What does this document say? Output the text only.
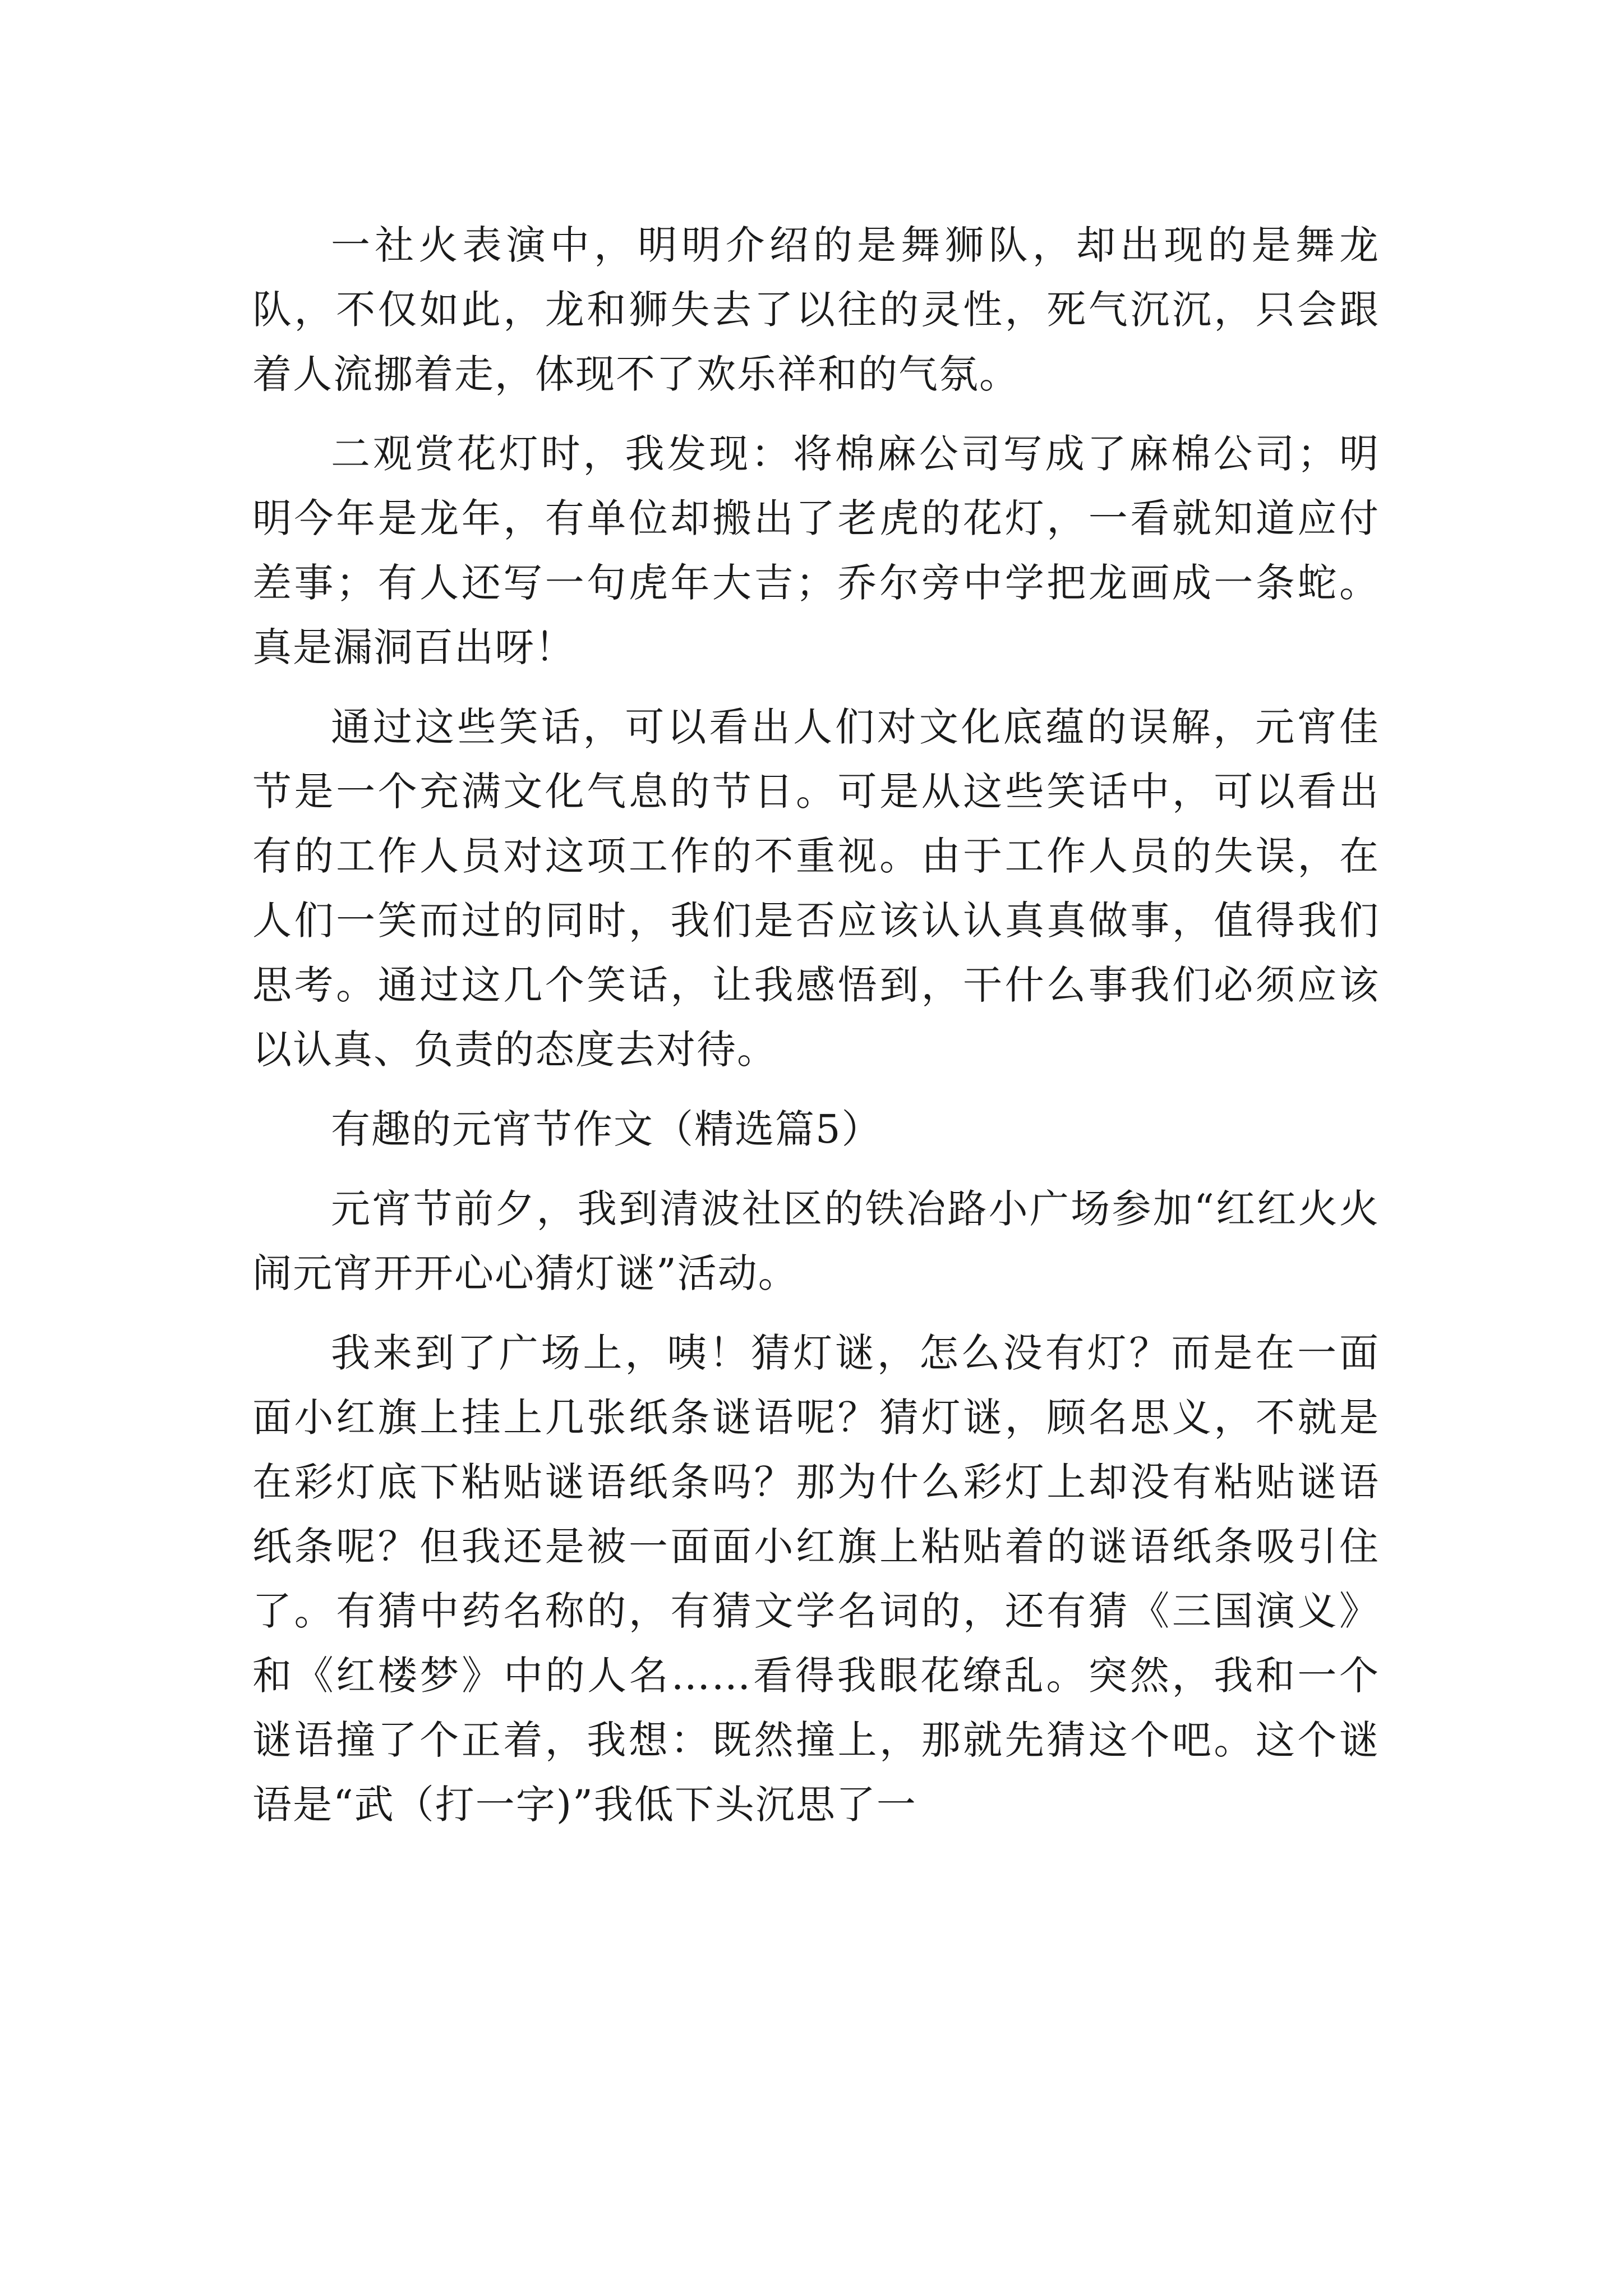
一社火表演中，明明介绍的是舞狮队，却出现的是舞龙队，不仅如此，龙和狮失去了以往的灵性，死气沉沉，只会跟着人流挪着走，体现不了欢乐祥和的气氛。

二观赏花灯时，我发现：将棉麻公司写成了麻棉公司；明明今年是龙年，有单位却搬出了老虎的花灯，一看就知道应付差事；有人还写一句虎年大吉；乔尔旁中学把龙画成一条蛇。真是漏洞百出呀！

通过这些笑话，可以看出人们对文化底蕴的误解，元宵佳节是一个充满文化气息的节日。可是从这些笑话中，可以看出有的工作人员对这项工作的不重视。由于工作人员的失误，在人们一笑而过的同时，我们是否应该认认真真做事，值得我们思考。通过这几个笑话，让我感悟到，干什么事我们必须应该以认真、负责的态度去对待。

有趣的元宵节作文（精选篇5）

元宵节前夕，我到清波社区的铁冶路小广场参加“红红火火闹元宵开开心心猜灯谜”活动。

我来到了广场上，咦！猜灯谜，怎么没有灯？而是在一面面小红旗上挂上几张纸条谜语呢？猜灯谜，顾名思义，不就是在彩灯底下粘贴谜语纸条吗？那为什么彩灯上却没有粘贴谜语纸条呢？但我还是被一面面小红旗上粘贴着的谜语纸条吸引住了。有猜中药名称的，有猜文学名词的，还有猜《三国演义》和《红楼梦》中的人名……看得我眼花缭乱。突然，我和一个谜语撞了个正着，我想：既然撞上，那就先猜这个吧。这个谜语是“武（打一字)”我低下头沉思了一
